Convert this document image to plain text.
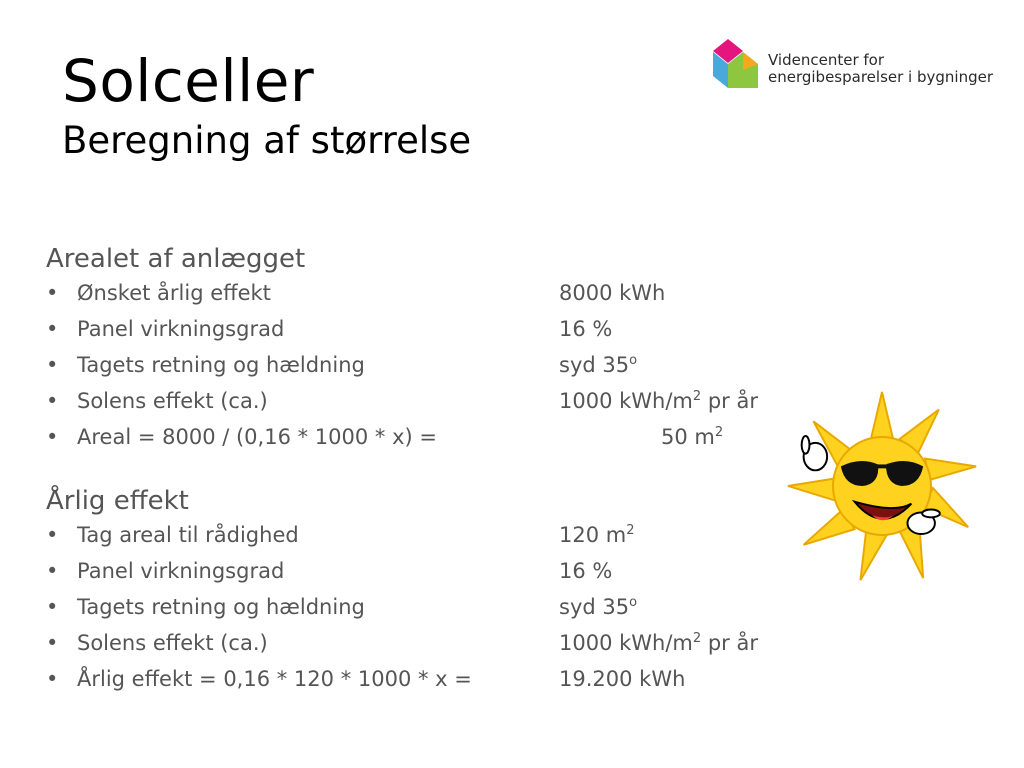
Solceller
Beregning af størrelse
Videncenter for
energibesparelser i bygninger
Arealet af anlægget
• Ønsket årlig effekt	8000 kWh
• Panel virkningsgrad	16 %
• Tagets retning og hældning	syd 35$^o$
• Solens effekt (ca.)	1000 kWh/$m^2$ pr år
• Areal = 8000 / (0,16 * 1000 * x) =	50 $m^2$
Årlig effekt
• Tag areal til rådighed	120 $m^2$
• Panel virkningsgrad	16 %
• Tagets retning og hældning	syd 35$^o$
• Solens effekt (ca.)	1000 kWh/$m^2$ pr år
• Årlig effekt = 0,16 * 120 * 1000 * x =	19.200 kWh
